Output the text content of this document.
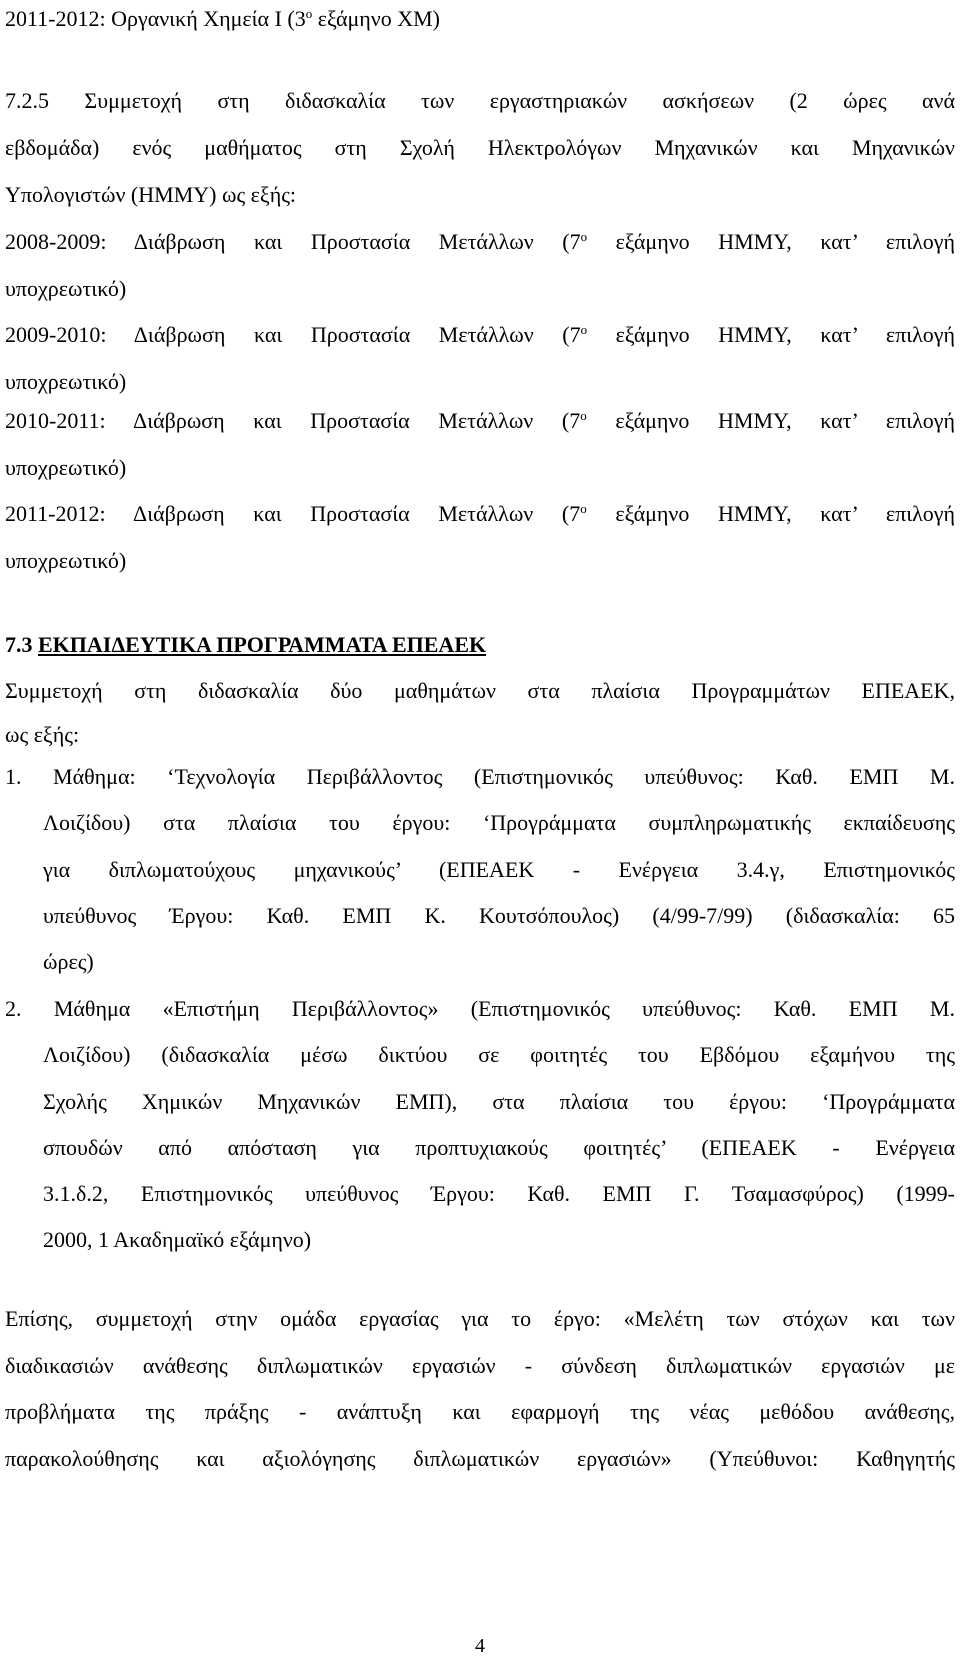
2011-2012: Οργανική Χημεία Ι ($3^o$ εξάμηνο ΧΜ)
7.2.5 Συμμετοχή στη διδασκαλία των εργαστηριακών ασκήσεων (2 ώρες ανά
εβδομάδα) ενός μαθήματος στη Σχολή Ηλεκτρολόγων Μηχανικών και Μηχανικών
Υπολογιστών (ΗΜΜΥ) ως εξής:
2008-2009: Διάβρωση και Προστασία Μετάλλων ($7^o$ εξάμηνο ΗΜΜΥ, κατ’ επιλογή
υποχρεωτικό)
2009-2010: Διάβρωση και Προστασία Μετάλλων ($7^o$ εξάμηνο ΗΜΜΥ, κατ’ επιλογή
υποχρεωτικό)
2010-2011: Διάβρωση και Προστασία Μετάλλων ($7^o$ εξάμηνο ΗΜΜΥ, κατ’ επιλογή
υποχρεωτικό)
2011-2012: Διάβρωση και Προστασία Μετάλλων ($7^o$ εξάμηνο ΗΜΜΥ, κατ’ επιλογή
υποχρεωτικό)
7.3 ΕΚΠΑΙΔΕΥΤΙΚΑ ΠΡΟΓΡΑΜΜΑΤΑ ΕΠΕΑΕΚ
Συμμετοχή στη διδασκαλία δύο μαθημάτων στα πλαίσια Προγραμμάτων ΕΠΕΑΕΚ,
ως εξής:
1. Μάθημα: ‘Τεχνολογία Περιβάλλοντος (Επιστημονικός υπεύθυνος: Καθ. ΕΜΠ Μ.
Λοιζίδου) στα πλαίσια του έργου: ‘Προγράμματα συμπληρωματικής εκπαίδευσης
για διπλωματούχους μηχανικούς’ (ΕΠΕΑΕΚ - Ενέργεια 3.4.γ, Επιστημονικός
υπεύθυνος Έργου: Καθ. ΕΜΠ Κ. Κουτσόπουλος) (4/99-7/99) (διδασκαλία: 65
ώρες)
2. Μάθημα «Επιστήμη Περιβάλλοντος» (Επιστημονικός υπεύθυνος: Καθ. ΕΜΠ Μ.
Λοιζίδου) (διδασκαλία μέσω δικτύου σε φοιτητές του Εβδόμου εξαμήνου της
Σχολής Χημικών Μηχανικών ΕΜΠ), στα πλαίσια του έργου: ‘Προγράμματα
σπουδών από απόσταση για προπτυχιακούς φοιτητές’ (ΕΠΕΑΕΚ - Ενέργεια
3.1.δ.2, Επιστημονικός υπεύθυνος Έργου: Καθ. ΕΜΠ Γ. Τσαμασφύρος) (1999-
2000, 1 Ακαδημαϊκό εξάμηνο)
Επίσης, συμμετοχή στην ομάδα εργασίας για το έργο: «Μελέτη των στόχων και των
διαδικασιών ανάθεσης διπλωματικών εργασιών - σύνδεση διπλωματικών εργασιών με
προβλήματα της πράξης - ανάπτυξη και εφαρμογή της νέας μεθόδου ανάθεσης,
παρακολούθησης και αξιολόγησης διπλωματικών εργασιών» (Υπεύθυνοι: Καθηγητής
4
